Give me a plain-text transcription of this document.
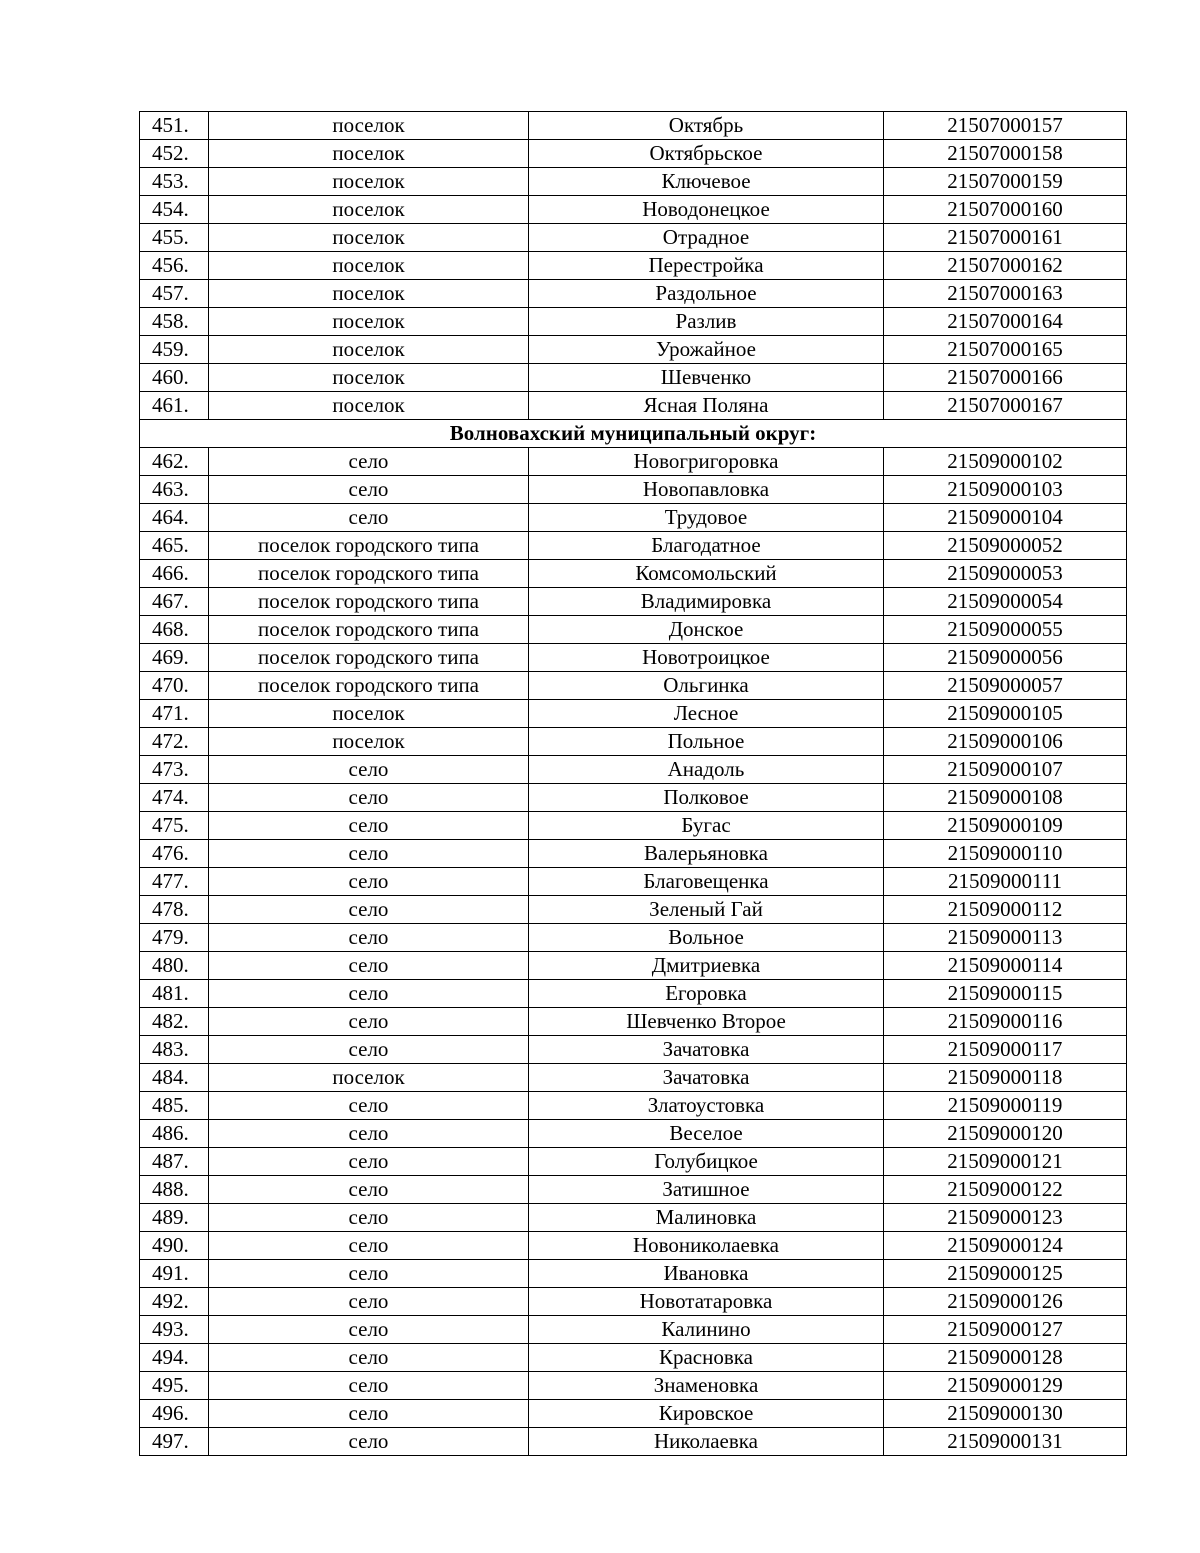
451.	поселок	Октябрь	21507000157
452.	поселок	Октябрьское	21507000158
453.	поселок	Ключевое	21507000159
454.	поселок	Новодонецкое	21507000160
455.	поселок	Отрадное	21507000161
456.	поселок	Перестройка	21507000162
457.	поселок	Раздольное	21507000163
458.	поселок	Разлив	21507000164
459.	поселок	Урожайное	21507000165
460.	поселок	Шевченко	21507000166
461.	поселок	Ясная Поляна	21507000167
Волновахский муниципальный округ:			
462.	село	Новогригоровка	21509000102
463.	село	Новопавловка	21509000103
464.	село	Трудовое	21509000104
465.	поселок городского типа	Благодатное	21509000052
466.	поселок городского типа	Комсомольский	21509000053
467.	поселок городского типа	Владимировка	21509000054
468.	поселок городского типа	Донское	21509000055
469.	поселок городского типа	Новотроицкое	21509000056
470.	поселок городского типа	Ольгинка	21509000057
471.	поселок	Лесное	21509000105
472.	поселок	Польное	21509000106
473.	село	Анадоль	21509000107
474.	село	Полковое	21509000108
475.	село	Бугас	21509000109
476.	село	Валерьяновка	21509000110
477.	село	Благовещенка	21509000111
478.	село	Зеленый Гай	21509000112
479.	село	Вольное	21509000113
480.	село	Дмитриевка	21509000114
481.	село	Егоровка	21509000115
482.	село	Шевченко Второе	21509000116
483.	село	Зачатовка	21509000117
484.	поселок	Зачатовка	21509000118
485.	село	Златоустовка	21509000119
486.	село	Веселое	21509000120
487.	село	Голубицкое	21509000121
488.	село	Затишное	21509000122
489.	село	Малиновка	21509000123
490.	село	Новониколаевка	21509000124
491.	село	Ивановка	21509000125
492.	село	Новотатаровка	21509000126
493.	село	Калинино	21509000127
494.	село	Красновка	21509000128
495.	село	Знаменовка	21509000129
496.	село	Кировское	21509000130
497.	село	Николаевка	21509000131
